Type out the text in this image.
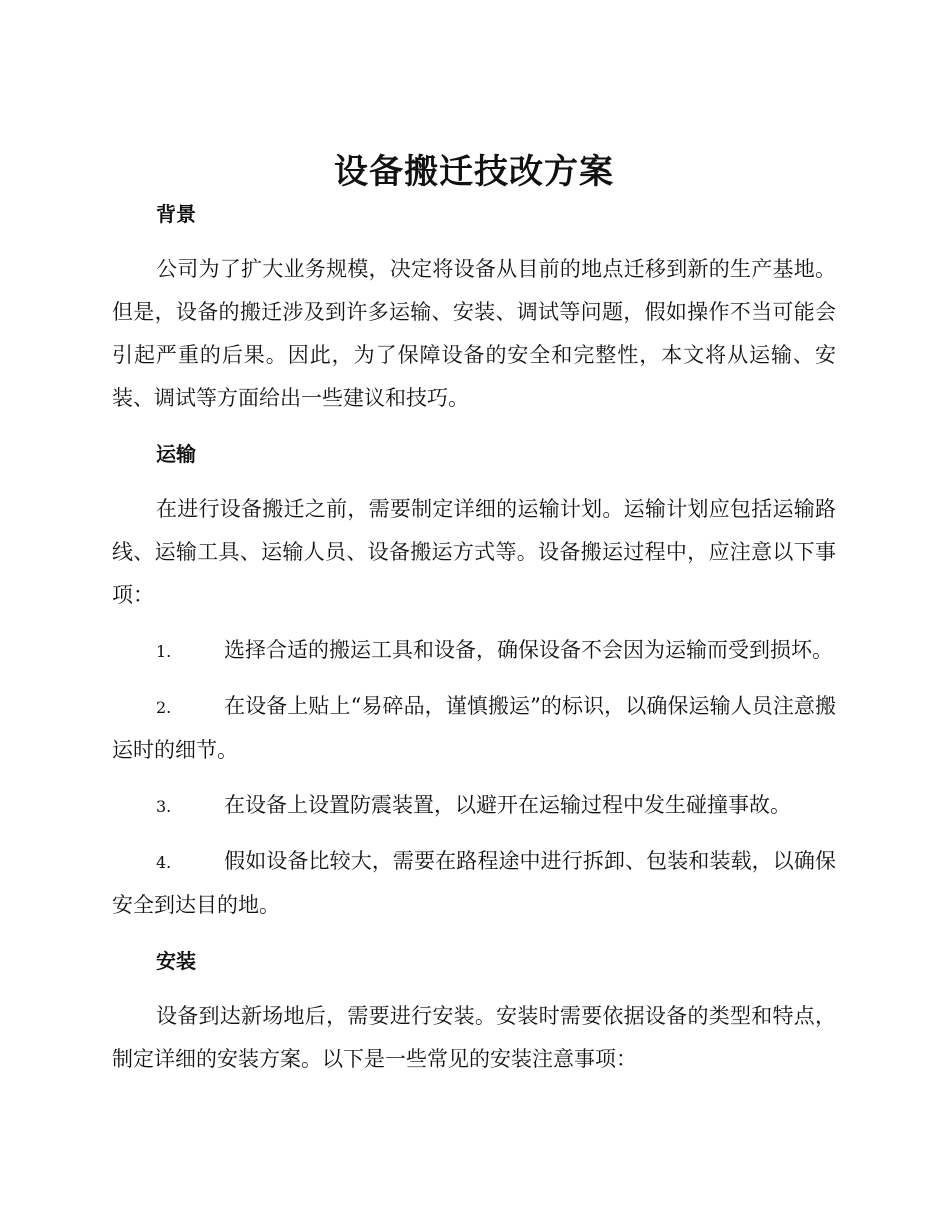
设备搬迁技改方案
背景

公司为了扩大业务规模，决定将设备从目前的地点迁移到新的生产基地。但是，设备的搬迁涉及到许多运输、安装、调试等问题，假如操作不当可能会引起严重的后果。因此，为了保障设备的安全和完整性，本文将从运输、安装、调试等方面给出一些建议和技巧。

运输

在进行设备搬迁之前，需要制定详细的运输计划。运输计划应包括运输路线、运输工具、运输人员、设备搬运方式等。设备搬运过程中，应注意以下事项：

1.	选择合适的搬运工具和设备，确保设备不会因为运输而受到损坏。
2.	在设备上贴上“易碎品，谨慎搬运”的标识，以确保运输人员注意搬运时的细节。
3.	在设备上设置防震装置，以避开在运输过程中发生碰撞事故。
4.	假如设备比较大，需要在路程途中进行拆卸、包装和装载，以确保安全到达目的地。
安装

设备到达新场地后，需要进行安装。安装时需要依据设备的类型和特点，制定详细的安装方案。以下是一些常见的安装注意事项：
